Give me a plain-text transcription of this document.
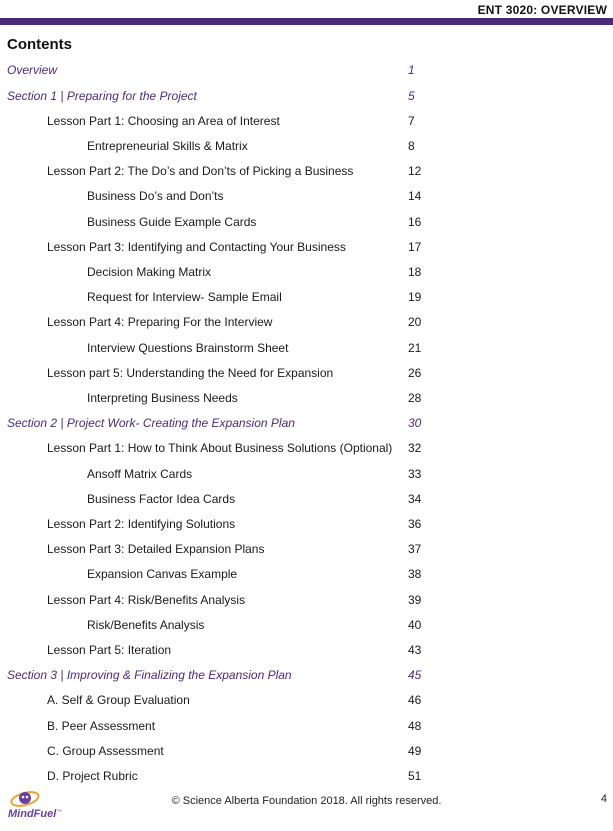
ENT 3020: OVERVIEW
Contents
Overview	1
Section 1 | Preparing for the Project	5
Lesson Part 1: Choosing an Area of Interest	7
Entrepreneurial Skills & Matrix	8
Lesson Part 2: The Do’s and Don’ts of Picking a Business	12
Business Do’s and Don’ts	14
Business Guide Example Cards	16
Lesson Part 3: Identifying and Contacting Your Business	17
Decision Making Matrix	18
Request for Interview- Sample Email	19
Lesson Part 4: Preparing For the Interview	20
Interview Questions Brainstorm Sheet	21
Lesson part 5: Understanding the Need for Expansion	26
Interpreting Business Needs	28
Section 2 | Project Work- Creating the Expansion Plan	30
Lesson Part 1: How to Think About Business Solutions (Optional) 32
Ansoff Matrix Cards	33
Business Factor Idea Cards	34
Lesson Part 2: Identifying Solutions	36
Lesson Part 3: Detailed Expansion Plans	37
Expansion Canvas Example	38
Lesson Part 4: Risk/Benefits Analysis	39
Risk/Benefits Analysis	40
Lesson Part 5: Iteration	43
Section 3 | Improving & Finalizing the Expansion Plan	45
A. Self & Group Evaluation	46
B. Peer Assessment	48
C. Group Assessment	49
D. Project Rubric	51
MindFuel ™
© Science Alberta Foundation 2018. All rights reserved.	4
